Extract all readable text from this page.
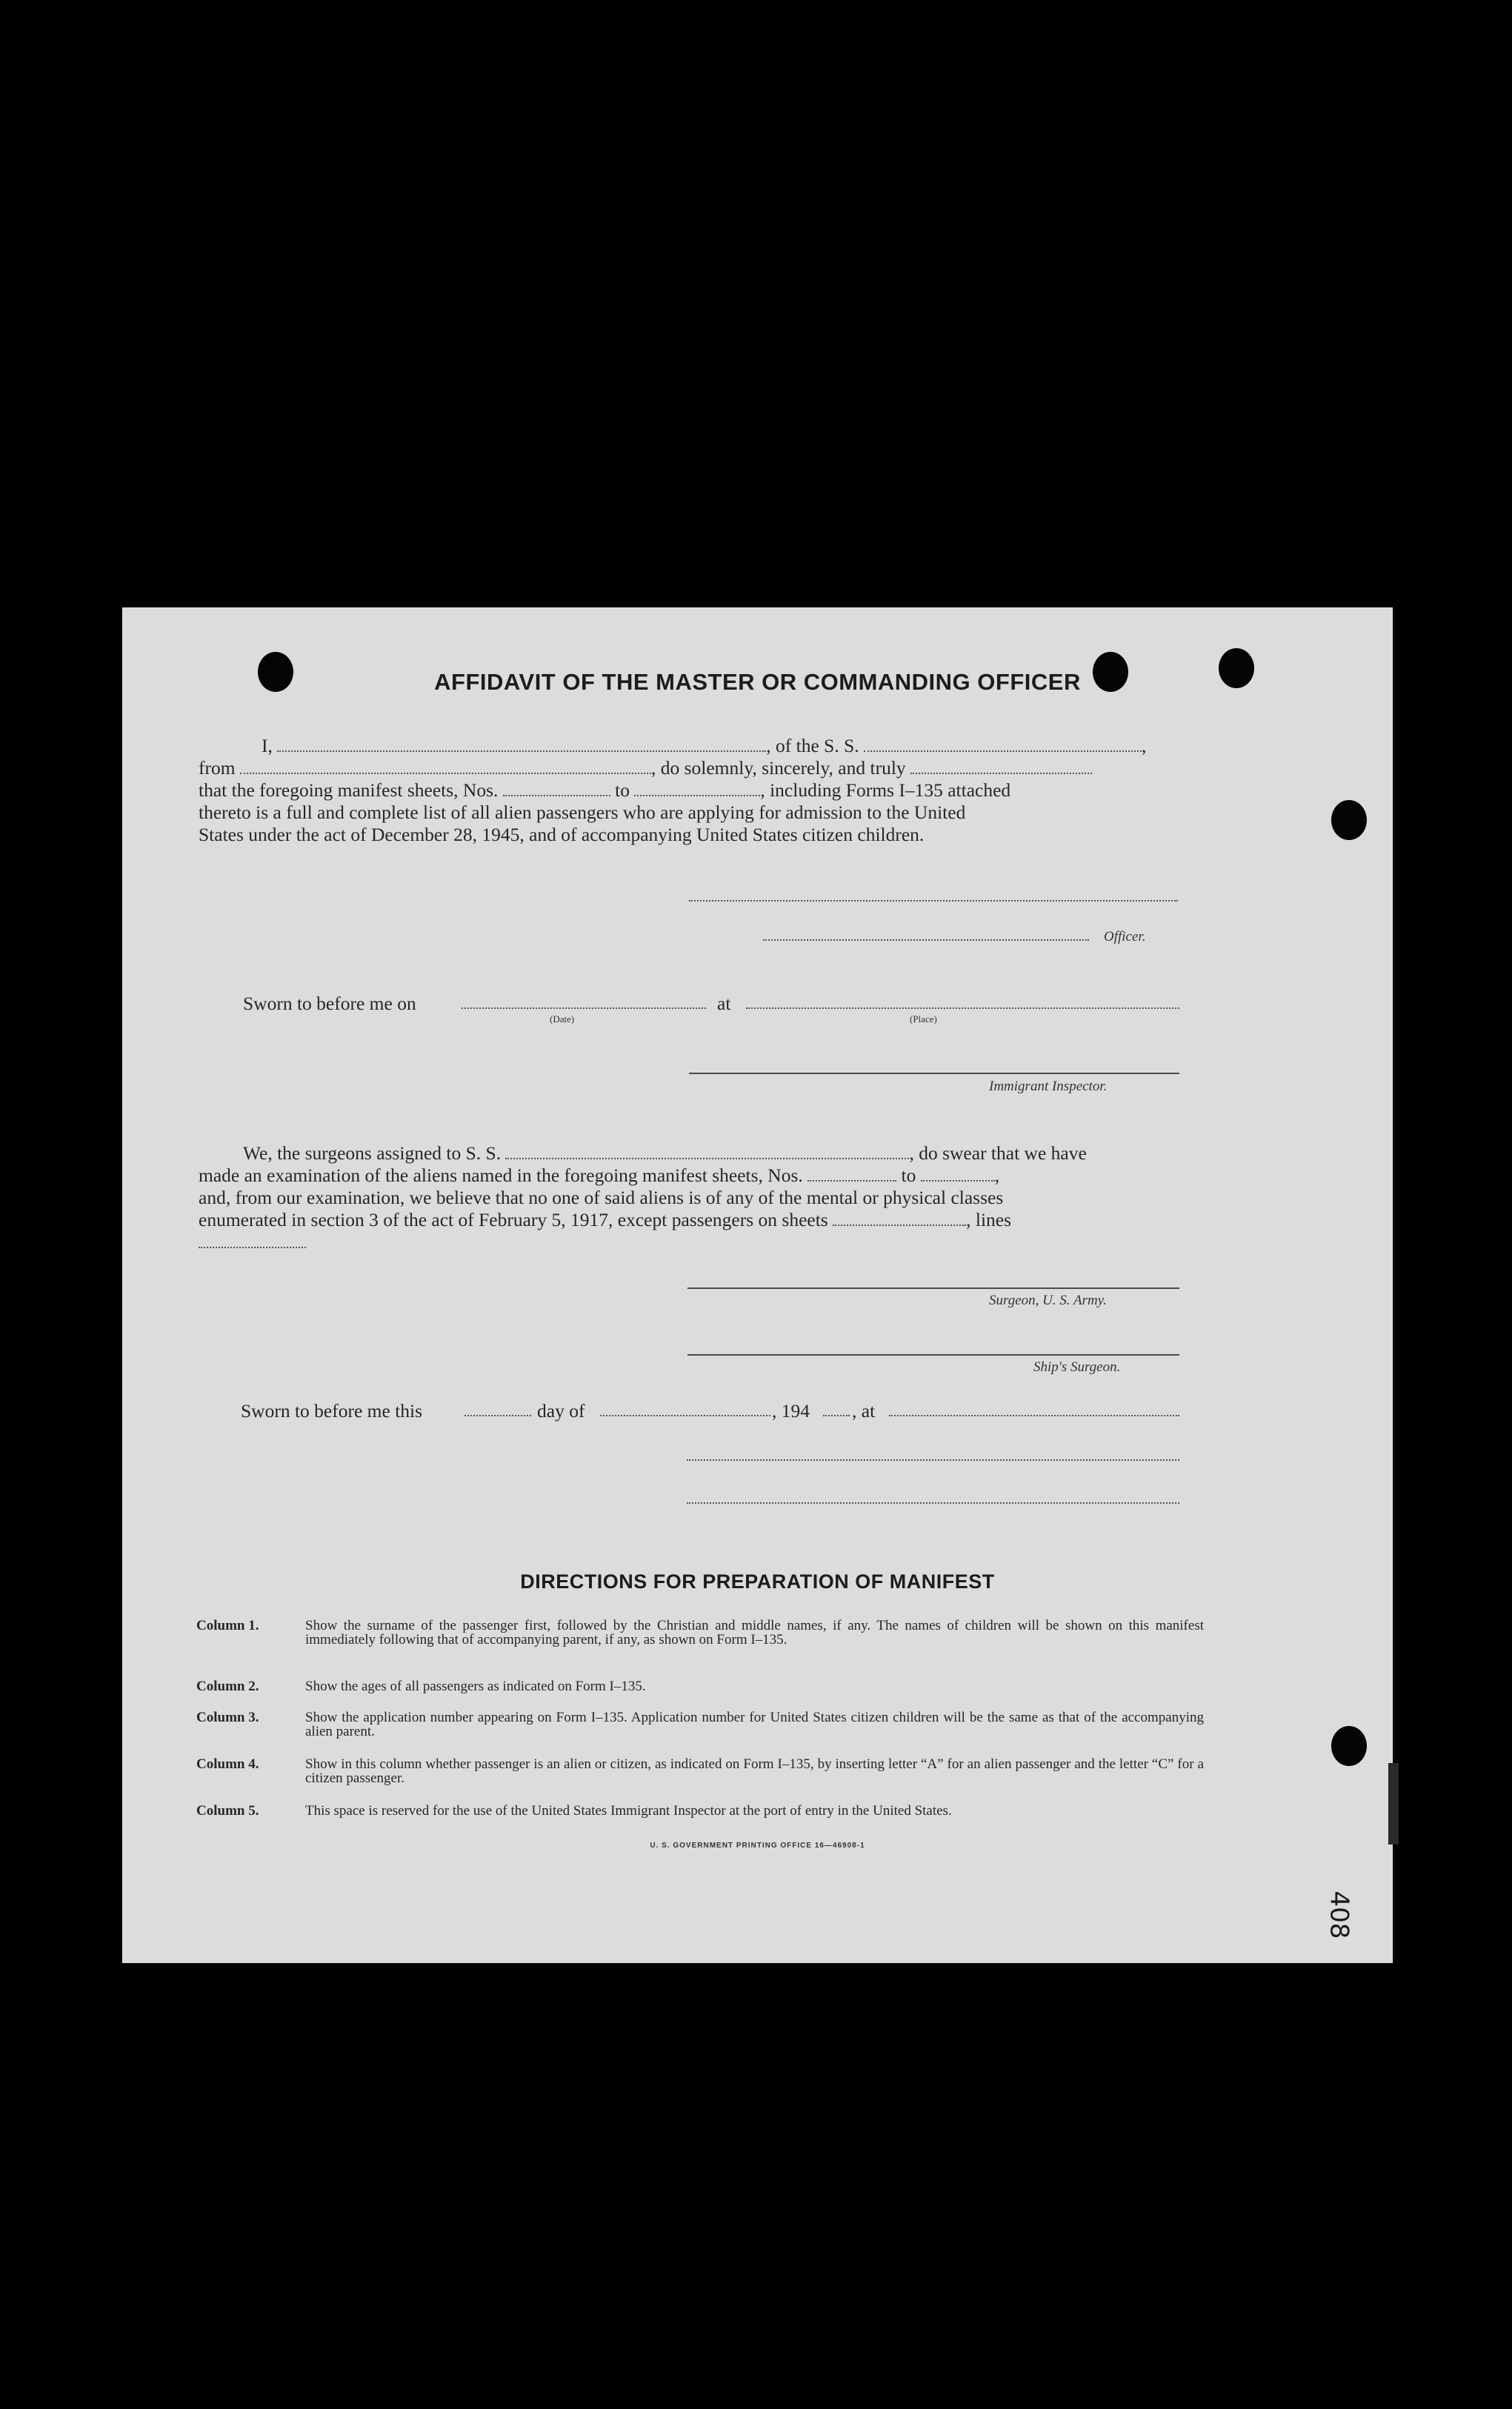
AFFIDAVIT OF THE MASTER OR COMMANDING OFFICER
I,	, of the S. S.	,
from	, do solemnly, sincerely, and truly
that the foregoing manifest sheets, Nos.	to	, including Forms I–135 attached
thereto is a full and complete list of all alien passengers who are applying for admission to the United
States under the act of December 28, 1945, and of accompanying United States citizen children.
Officer.
Sworn to before me on	at
(Date)	(Place)
Immigrant Inspector.
We, the surgeons assigned to S. S.	, do swear that we have
made an examination of the aliens named in the foregoing manifest sheets, Nos.	to	,
and, from our examination, we believe that no one of said aliens is of any of the mental or physical classes
enumerated in section 3 of the act of February 5, 1917, except passengers on sheets	, lines
Surgeon, U. S. Army.
Ship's Surgeon.
Sworn to before me this	day of	, 194 , at
DIRECTIONS FOR PREPARATION OF MANIFEST
Column 1.	Show the surname of the passenger first, followed by the Christian and middle names, if any. The names of children will be shown on this manifest immediately following that of accompanying parent, if any, as shown on Form I–135.
Column 2.	Show the ages of all passengers as indicated on Form I–135.
Column 3.	Show the application number appearing on Form I–135. Application number for United States citizen children will be the same as that of the accompanying alien parent.
Column 4.	Show in this column whether passenger is an alien or citizen, as indicated on Form I–135, by inserting letter “A” for an alien passenger and the letter “C” for a citizen passenger.
Column 5.	This space is reserved for the use of the United States Immigrant Inspector at the port of entry in the United States.
U. S. GOVERNMENT PRINTING OFFICE 16—46908-1
408
